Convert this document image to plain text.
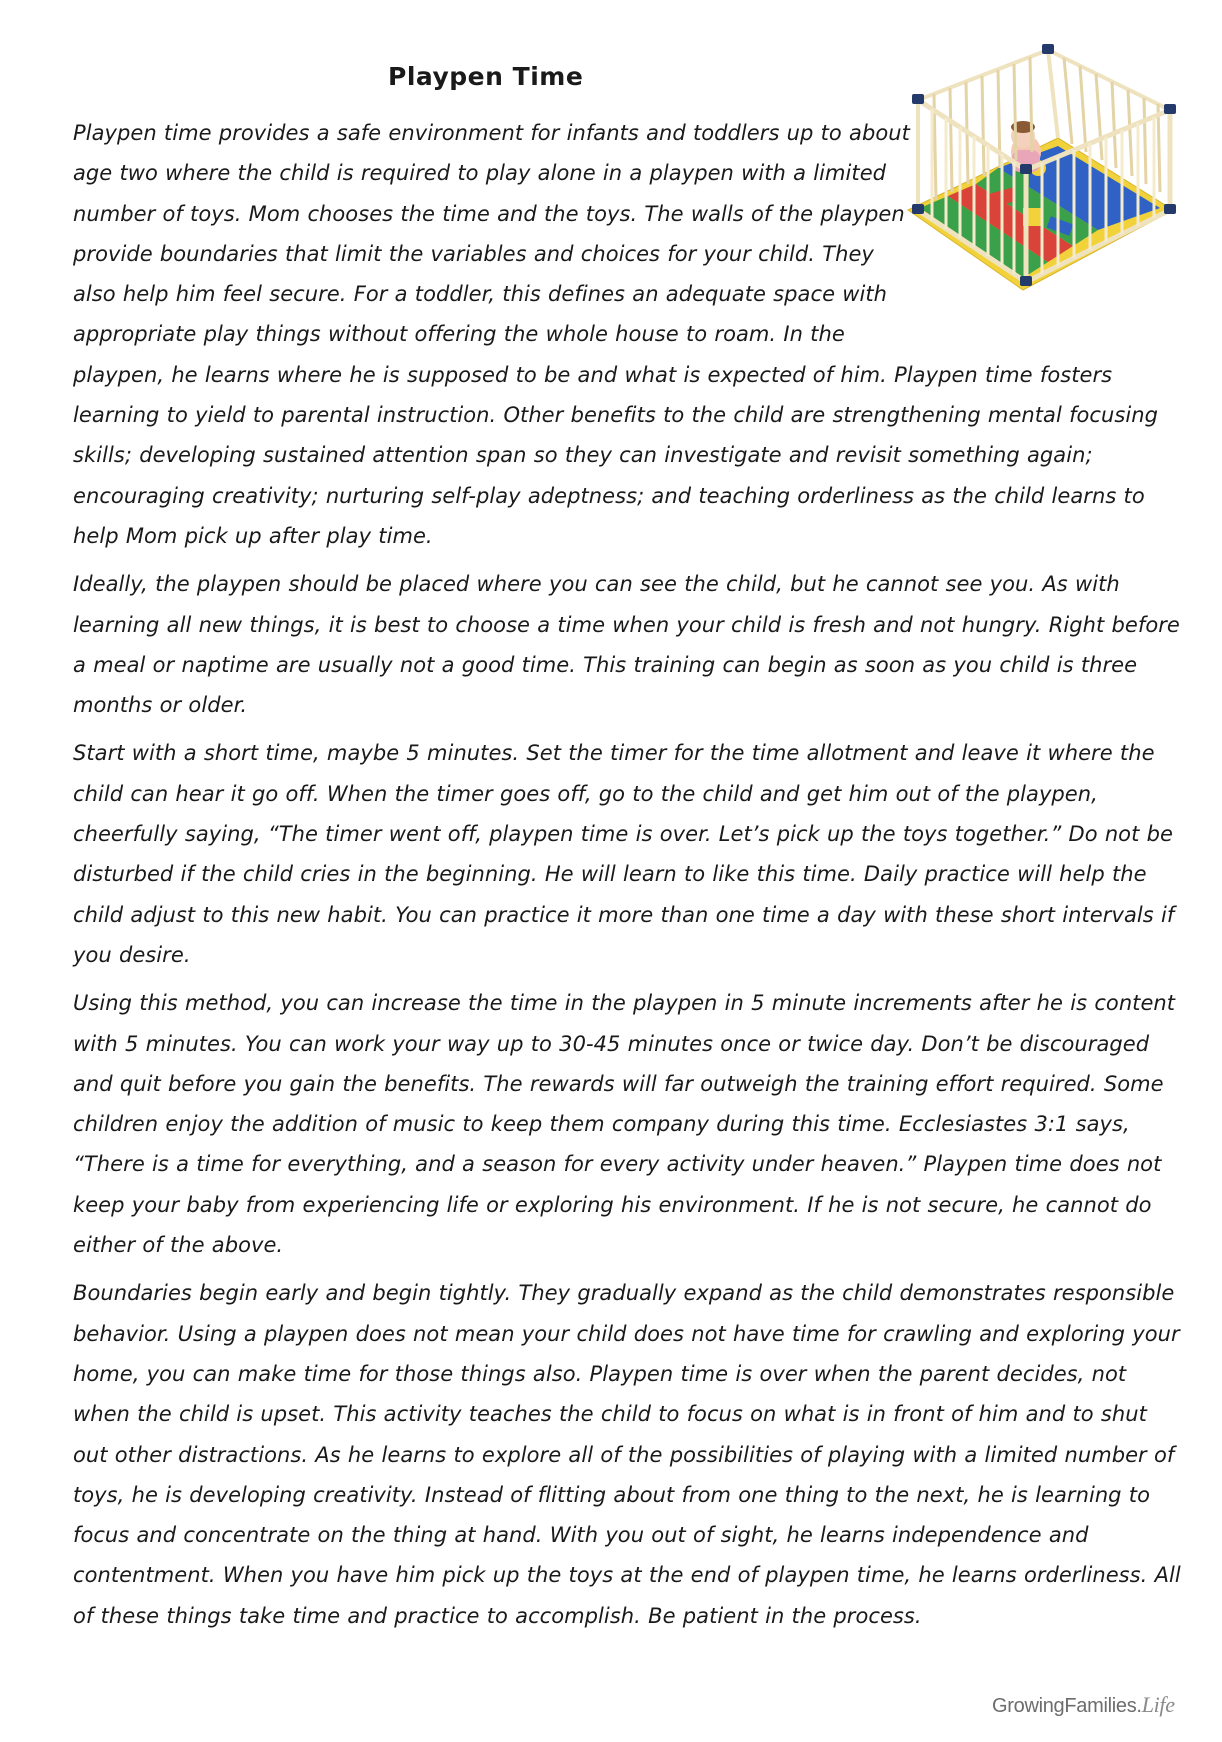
Playpen Time

Playpen time provides a safe environment for infants and toddlers up to about age two where the child is required to play alone in a playpen with a limited number of toys. Mom chooses the time and the toys. The walls of the playpen provide boundaries that limit the variables and choices for your child. They also help him feel secure. For a toddler, this defines an adequate space with appropriate play things without offering the whole house to roam. In the playpen, he learns where he is supposed to be and what is expected of him. Playpen time fosters learning to yield to parental instruction. Other benefits to the child are strengthening mental focusing skills; developing sustained attention span so they can investigate and revisit something again; encouraging creativity; nurturing self-play adeptness; and teaching orderliness as the child learns to help Mom pick up after play time.

Ideally, the playpen should be placed where you can see the child, but he cannot see you. As with learning all new things, it is best to choose a time when your child is fresh and not hungry. Right before a meal or naptime are usually not a good time. This training can begin as soon as you child is three months or older.

Start with a short time, maybe 5 minutes. Set the timer for the time allotment and leave it where the child can hear it go off. When the timer goes off, go to the child and get him out of the playpen, cheerfully saying, “The timer went off, playpen time is over. Let’s pick up the toys together.” Do not be disturbed if the child cries in the beginning. He will learn to like this time. Daily practice will help the child adjust to this new habit. You can practice it more than one time a day with these short intervals if you desire.

Using this method, you can increase the time in the playpen in 5 minute increments after he is content with 5 minutes. You can work your way up to 30-45 minutes once or twice day. Don’t be discouraged and quit before you gain the benefits. The rewards will far outweigh the training effort required. Some children enjoy the addition of music to keep them company during this time. Ecclesiastes 3:1 says, “There is a time for everything, and a season for every activity under heaven.” Playpen time does not keep your baby from experiencing life or exploring his environment. If he is not secure, he cannot do either of the above.

Boundaries begin early and begin tightly. They gradually expand as the child demonstrates responsible behavior. Using a playpen does not mean your child does not have time for crawling and exploring your home, you can make time for those things also. Playpen time is over when the parent decides, not when the child is upset. This activity teaches the child to focus on what is in front of him and to shut out other distractions. As he learns to explore all of the possibilities of playing with a limited number of toys, he is developing creativity. Instead of flitting about from one thing to the next, he is learning to focus and concentrate on the thing at hand. With you out of sight, he learns independence and contentment. When you have him pick up the toys at the end of playpen time, he learns orderliness. All of these things take time and practice to accomplish. Be patient in the process.

GrowingFamilies.Life
